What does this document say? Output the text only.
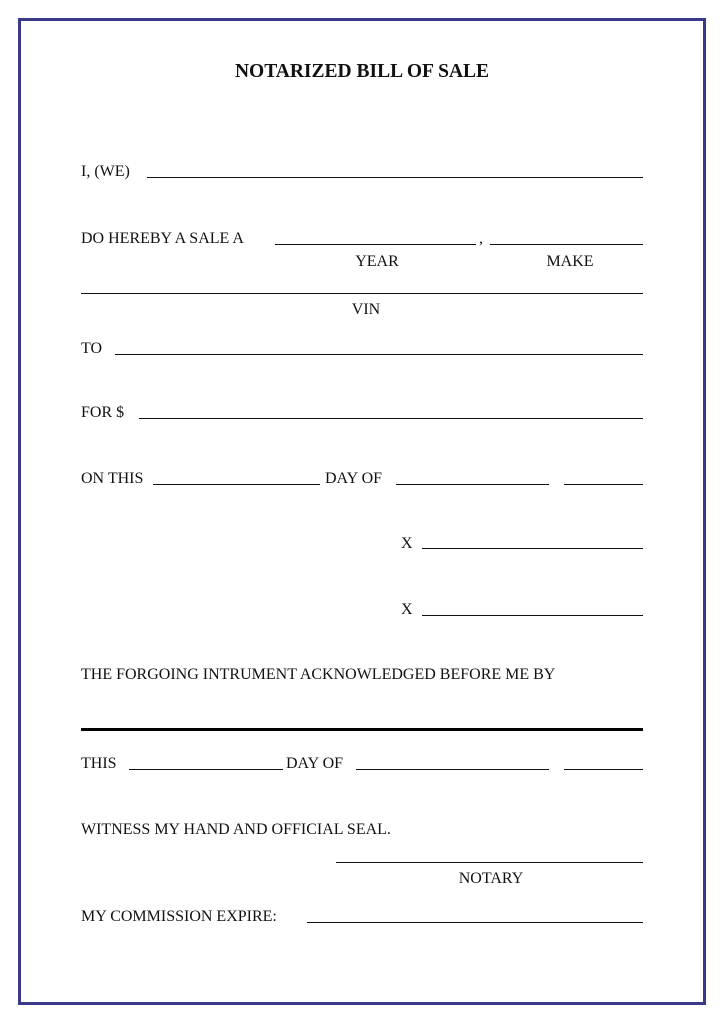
NOTARIZED BILL OF SALE
I, (WE)
DO HEREBY A SALE A	,
YEAR	MAKE
VIN
TO
FOR $
ON THIS	DAY OF
X
X
THE FORGOING INTRUMENT ACKNOWLEDGED BEFORE ME BY
THIS	DAY OF
WITNESS MY HAND AND OFFICIAL SEAL.
NOTARY
MY COMMISSION EXPIRE:
